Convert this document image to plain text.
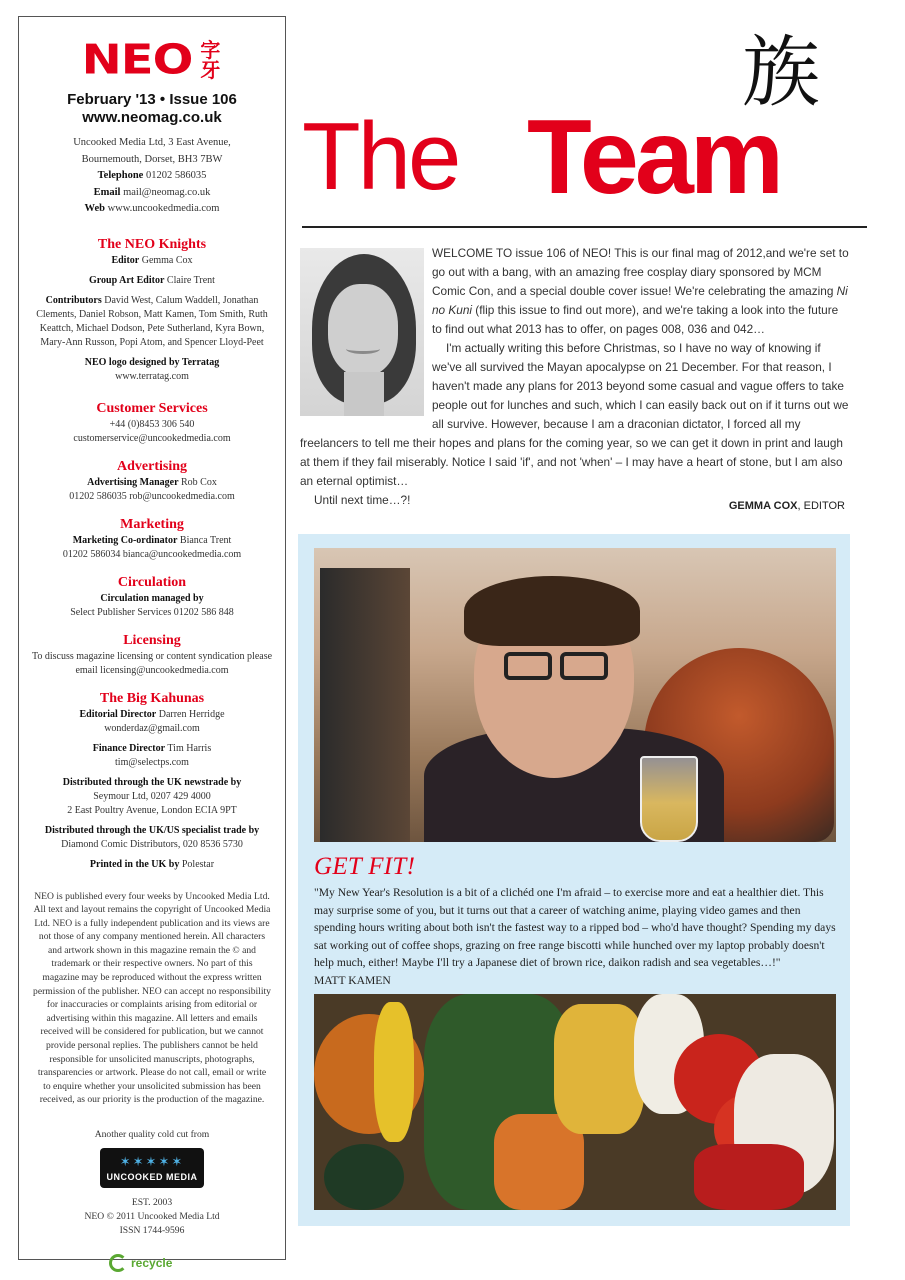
NEO 字牙
February '13 • Issue 106
www.neomag.co.uk
Uncooked Media Ltd, 3 East Avenue,
Bournemouth, Dorset, BH3 7BW
Telephone 01202 586035
Email mail@neomag.co.uk
Web www.uncookedmedia.com
The NEO Knights
Editor Gemma Cox
Group Art Editor Claire Trent
Contributors David West, Calum Waddell, Jonathan Clements, Daniel Robson, Matt Kamen, Tom Smith, Ruth Keattch, Michael Dodson, Pete Sutherland, Kyra Bown, Mary-Ann Russon, Popi Atom, and Spencer Lloyd-Peet
NEO logo designed by Terratag
www.terratag.com
Customer Services
+44 (0)8453 306 540
customerservice@uncookedmedia.com
Advertising
Advertising Manager Rob Cox
01202 586035 rob@uncookedmedia.com
Marketing
Marketing Co-ordinator Bianca Trent
01202 586034 bianca@uncookedmedia.com
Circulation
Circulation managed by
Select Publisher Services 01202 586 848
Licensing
To discuss magazine licensing or content syndication please email licensing@uncookedmedia.com
The Big Kahunas
Editorial Director Darren Herridge
wonderdaz@gmail.com
Finance Director Tim Harris
tim@selectps.com
Distributed through the UK newstrade by
Seymour Ltd, 0207 429 4000
2 East Poultry Avenue, London ECIA 9PT
Distributed through the UK/US specialist trade by
Diamond Comic Distributors, 020 8536 5730
Printed in the UK by Polestar
NEO is published every four weeks by Uncooked Media Ltd. All text and layout remains the copyright of Uncooked Media Ltd. NEO is a fully independent publication and its views are not those of any company mentioned herein. All characters and artwork shown in this magazine remain the © and trademark or their respective owners. No part of this magazine may be reproduced without the express written permission of the publisher. NEO can accept no responsibility for inaccuracies or complaints arising from editorial or advertising within this magazine. All letters and emails received will be considered for publication, but we cannot provide personal replies. The publishers cannot be held responsible for unsolicited manuscripts, photographs, transparencies or artwork. Please do not call, email or write to enquire whether your unsolicited submission has been received, as our priority is the production of the magazine.
Another quality cold cut from
✶✶✶✶✶
UNCOOKED MEDIA
EST. 2003
NEO © 2011 Uncooked Media Ltd
ISSN 1744-9596
recycle
The Team
族

WELCOME TO issue 106 of NEO! This is our final mag of 2012,and we're set to go out with a bang, with an amazing free cosplay diary sponsored by MCM Comic Con, and a special double cover issue! We're celebrating the amazing Ni no Kuni (flip this issue to find out more), and we're taking a look into the future to find out what 2013 has to offer, on pages 008, 036 and 042…

I'm actually writing this before Christmas, so I have no way of knowing if we've all survived the Mayan apocalypse on 21 December. For that reason, I haven't made any plans for 2013 beyond some casual and vague offers to take people out for lunches and such, which I can easily back out on if it turns out we all survive. However, because I am a draconian dictator, I forced all my freelancers to tell me their hopes and plans for the coming year, so we can get it down in print and laugh at them if they fail miserably. Notice I said 'if', and not 'when' – I may have a heart of stone, but I am also an eternal optimist…

Until next time…?!	GEMMA COX, EDITOR
GET FIT!
"My New Year's Resolution is a bit of a clichéd one I'm afraid – to exercise more and eat a healthier diet. This may surprise some of you, but it turns out that a career of watching anime, playing video games and then spending hours writing about both isn't the fastest way to a ripped bod – who'd have thought? Spending my days sat working out of coffee shops, grazing on free range biscotti while hunched over my laptop probably doesn't help much, either! Maybe I'll try a Japanese diet of brown rice, daikon radish and sea vegetables…!"
MATT KAMEN
